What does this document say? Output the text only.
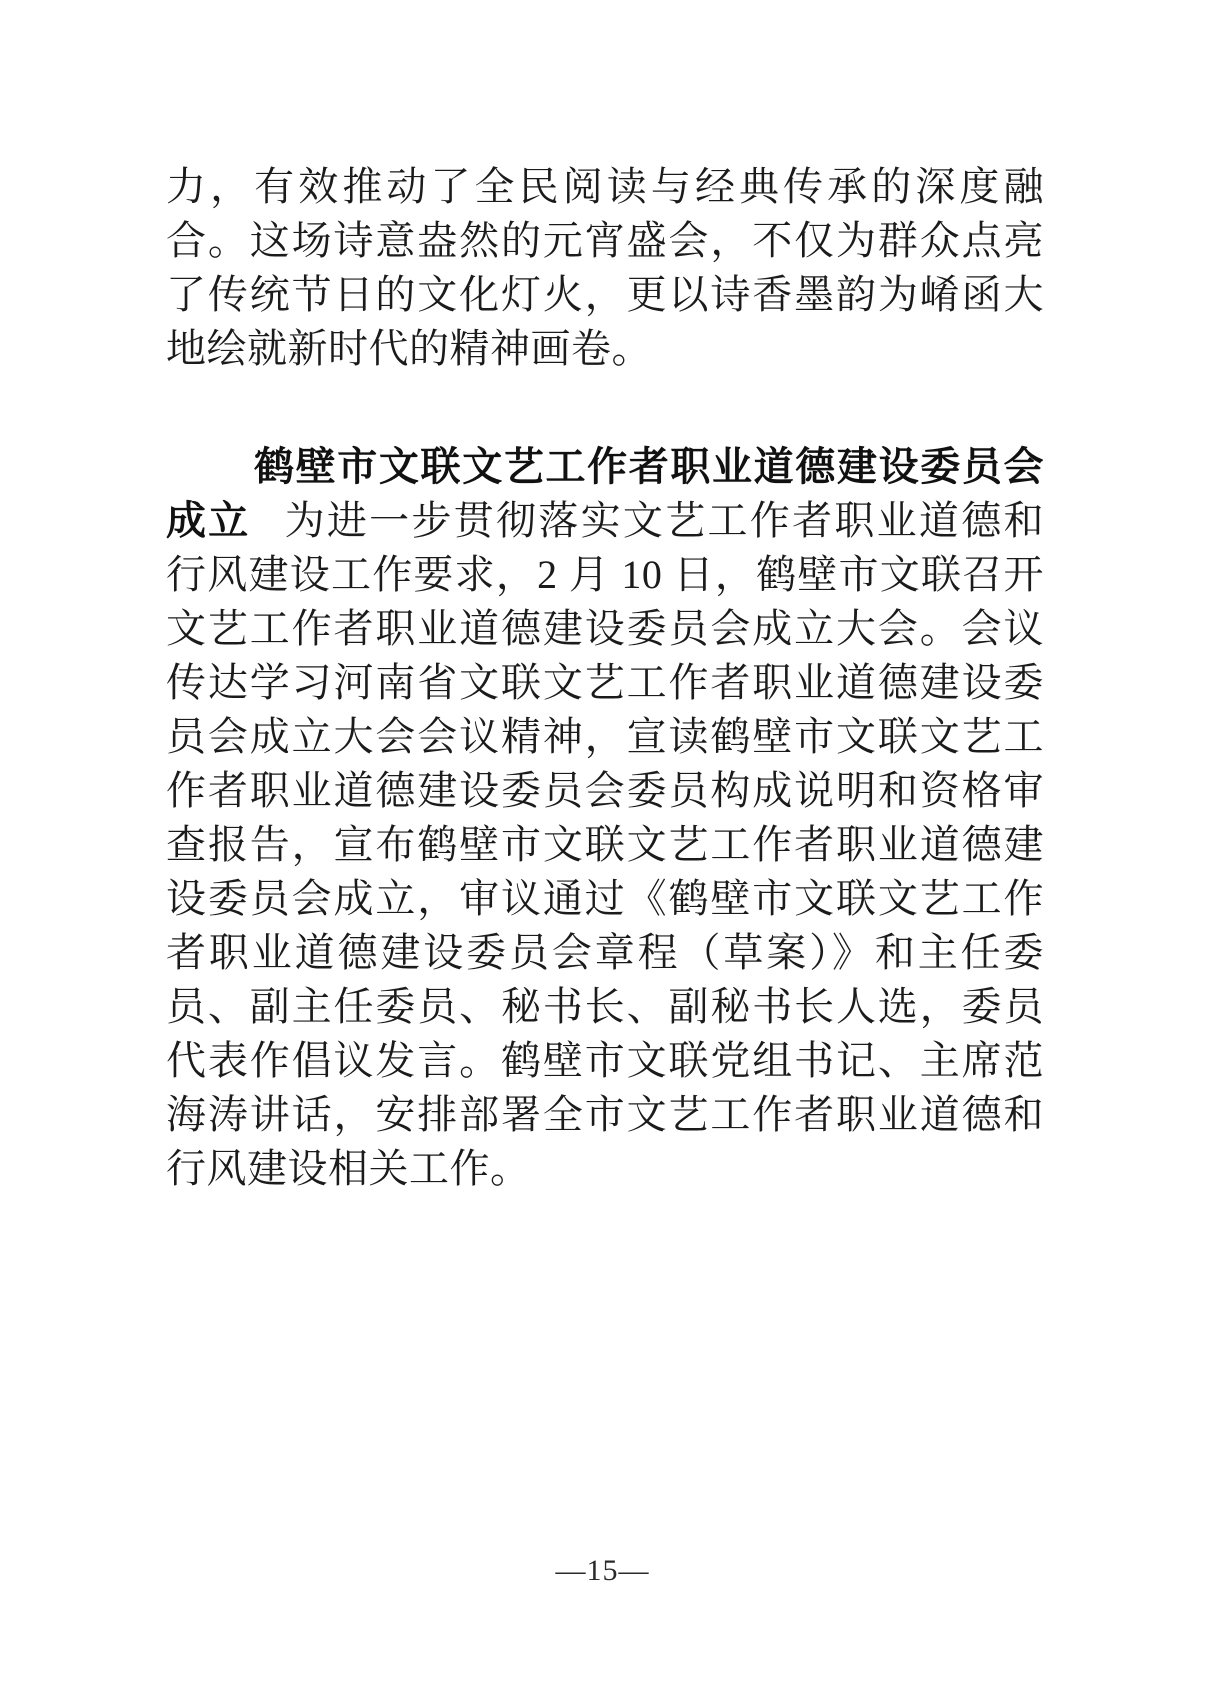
力，有效推动了全民阅读与经典传承的深度融合。这场诗意盎然的元宵盛会，不仅为群众点亮了传统节日的文化灯火，更以诗香墨韵为崤函大地绘就新时代的精神画卷。

鹤壁市文联文艺工作者职业道德建设委员会成立 为进一步贯彻落实文艺工作者职业道德和行风建设工作要求，2 月 10 日，鹤壁市文联召开文艺工作者职业道德建设委员会成立大会。会议传达学习河南省文联文艺工作者职业道德建设委员会成立大会会议精神，宣读鹤壁市文联文艺工作者职业道德建设委员会委员构成说明和资格审查报告，宣布鹤壁市文联文艺工作者职业道德建设委员会成立，审议通过《鹤壁市文联文艺工作者职业道德建设委员会章程（草案）》和主任委员、副主任委员、秘书长、副秘书长人选，委员代表作倡议发言。鹤壁市文联党组书记、主席范海涛讲话，安排部署全市文艺工作者职业道德和行风建设相关工作。

—15—
